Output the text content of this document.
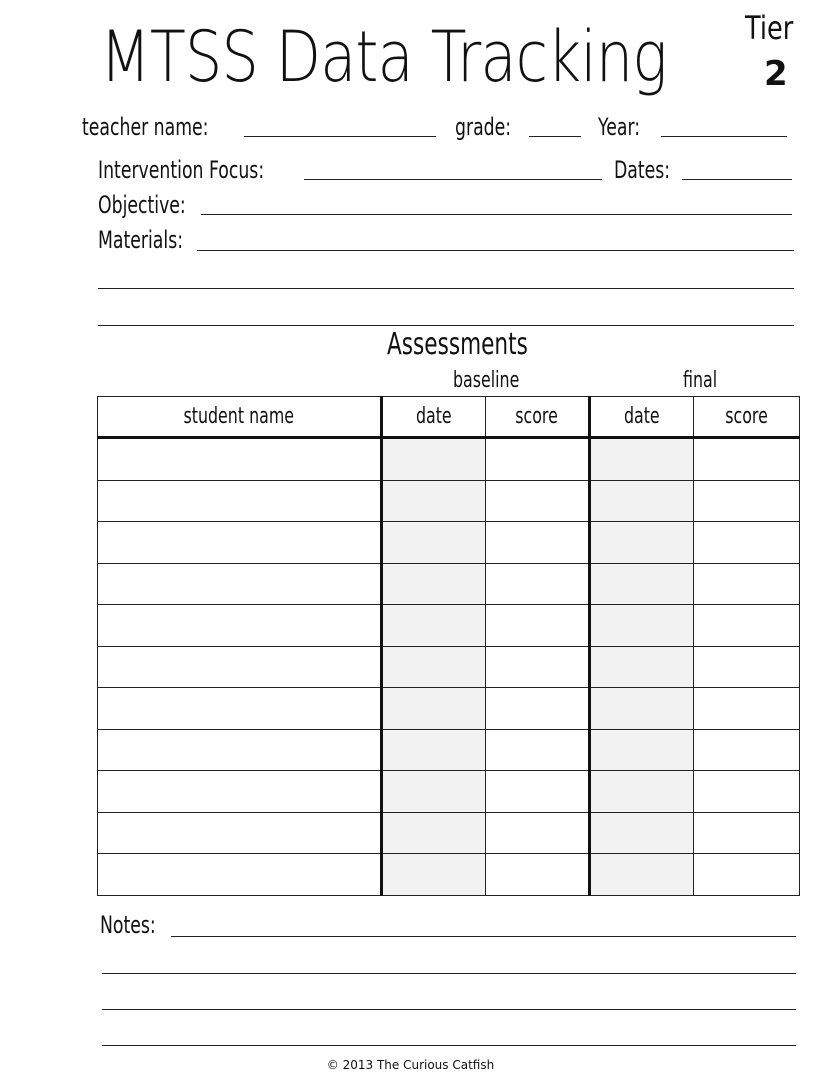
MTSS Data Tracking Tier
2
teacher name:	grade:	Year:
Intervention Focus:	Dates:
Objective:
Materials:
Assessments
baseline	final
student name	date	score	date	score

Notes:
© 2013 The Curious Catfish
